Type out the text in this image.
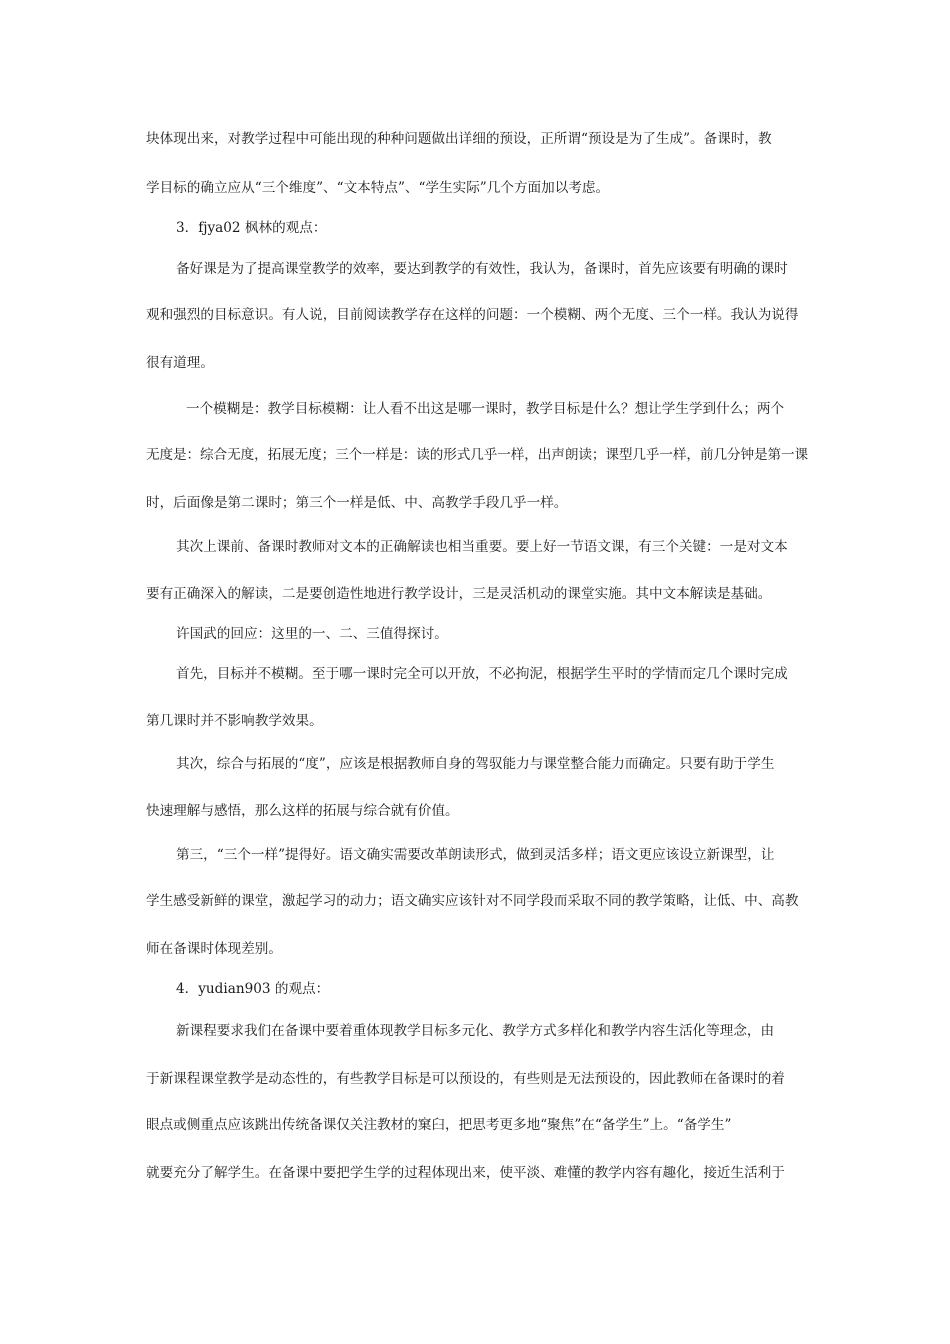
块体现出来，对教学过程中可能出现的种种问题做出详细的预设，正所谓“预设是为了生成”。备课时，教
学目标的确立应从“三个维度”、“文本特点”、“学生实际”几个方面加以考虑。
3．fjya02 枫林的观点：
备好课是为了提高课堂教学的效率，要达到教学的有效性，我认为，备课时，首先应该要有明确的课时
观和强烈的目标意识。有人说，目前阅读教学存在这样的问题：一个模糊、两个无度、三个一样。我认为说得
很有道理。
一个模糊是：教学目标模糊：让人看不出这是哪一课时，教学目标是什么？想让学生学到什么；两个
无度是：综合无度，拓展无度；三个一样是：读的形式几乎一样，出声朗读；课型几乎一样，前几分钟是第一课
时，后面像是第二课时；第三个一样是低、中、高教学手段几乎一样。
其次上课前、备课时教师对文本的正确解读也相当重要。要上好一节语文课，有三个关键：一是对文本
要有正确深入的解读，二是要创造性地进行教学设计，三是灵活机动的课堂实施。其中文本解读是基础。
许国武的回应：这里的一、二、三值得探讨。
首先，目标并不模糊。至于哪一课时完全可以开放，不必拘泥，根据学生平时的学情而定几个课时完成
第几课时并不影响教学效果。
其次，综合与拓展的“度”，应该是根据教师自身的驾驭能力与课堂整合能力而确定。只要有助于学生
快速理解与感悟，那么这样的拓展与综合就有价值。
第三，“三个一样”提得好。语文确实需要改革朗读形式，做到灵活多样；语文更应该设立新课型，让
学生感受新鲜的课堂，激起学习的动力；语文确实应该针对不同学段而采取不同的教学策略，让低、中、高教
师在备课时体现差别。
4．yudian903 的观点：
新课程要求我们在备课中要着重体现教学目标多元化、教学方式多样化和教学内容生活化等理念，由
于新课程课堂教学是动态性的，有些教学目标是可以预设的，有些则是无法预设的，因此教师在备课时的着
眼点或侧重点应该跳出传统备课仅关注教材的窠臼，把思考更多地“聚焦”在“备学生”上。“备学生”
就要充分了解学生。在备课中要把学生学的过程体现出来，使平淡、难懂的教学内容有趣化，接近生活利于
